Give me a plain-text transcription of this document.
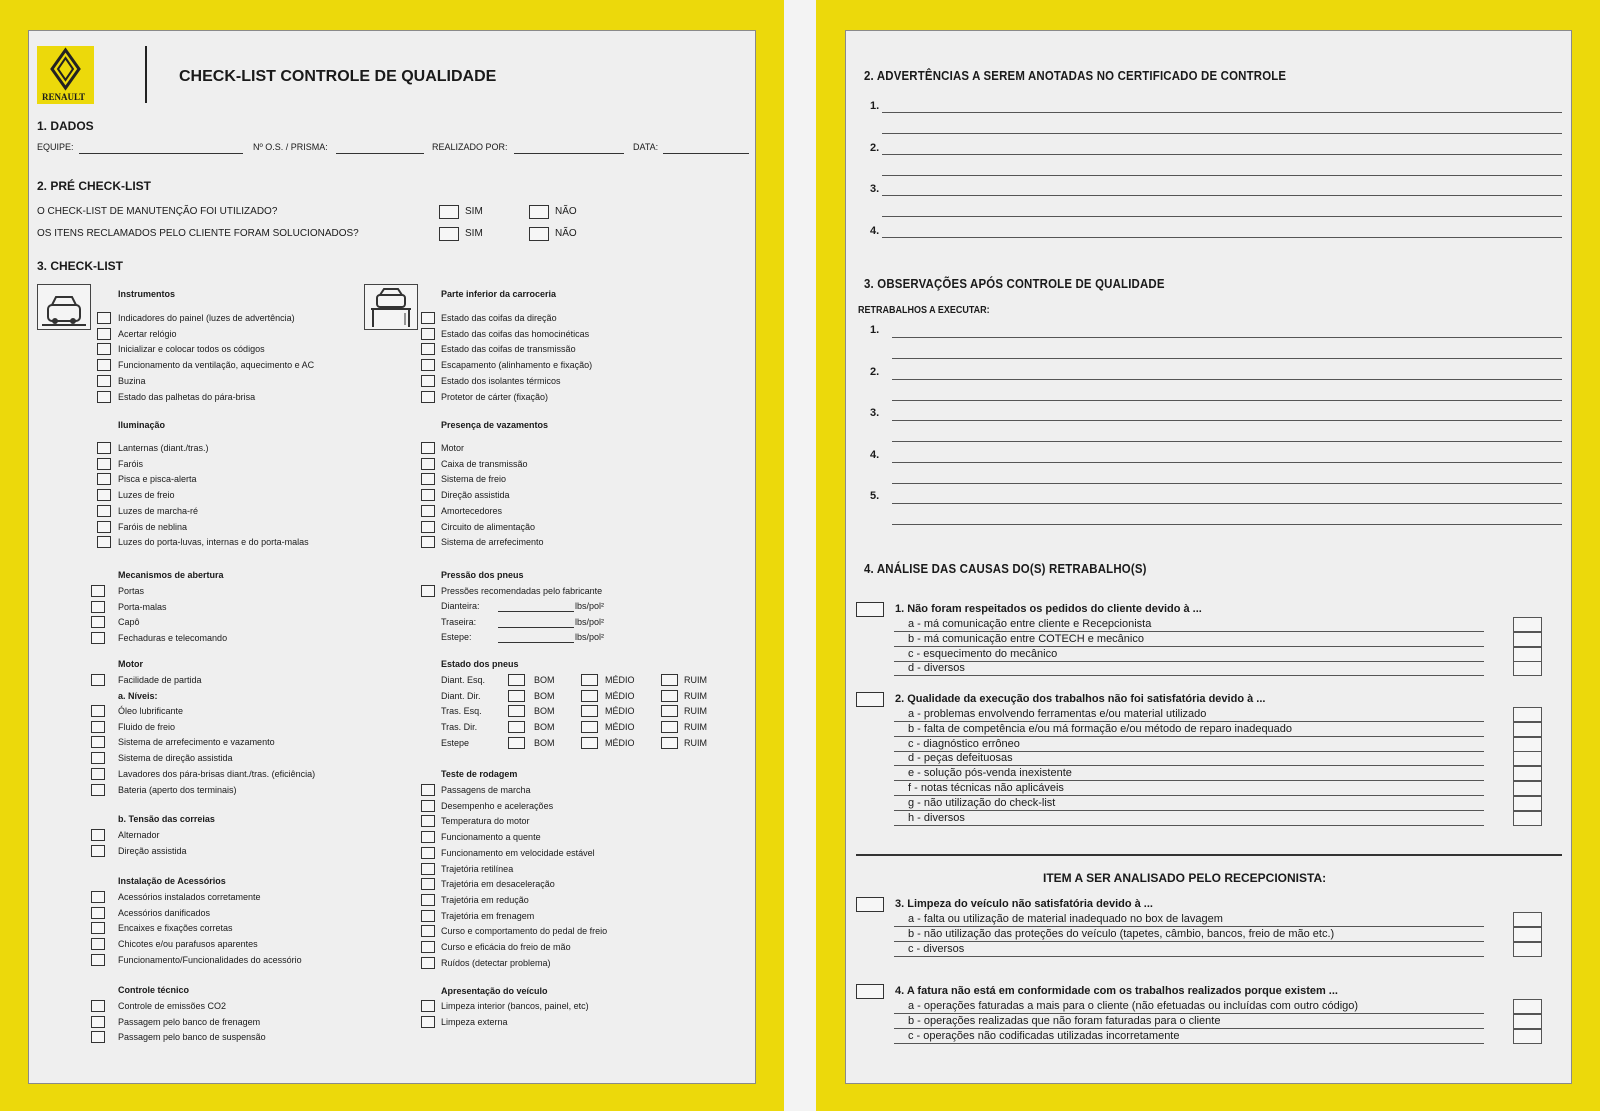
RENAULT
CHECK-LIST CONTROLE DE QUALIDADE
1. DADOS
EQUIPE:	Nº O.S. / PRISMA:	REALIZADO POR:	DATA:
2. PRÉ CHECK-LIST
O CHECK-LIST DE MANUTENÇÃO FOI UTILIZADO?	SIM	NÃO
OS ITENS RECLAMADOS PELO CLIENTE FORAM SOLUCIONADOS?	SIM	NÃO
3. CHECK-LIST
Instrumentos
Indicadores do painel (luzes de advertência)
Acertar relógio
Inicializar e colocar todos os códigos
Funcionamento da ventilação, aquecimento e AC
Buzina
Estado das palhetas do pára-brisa
Iluminação
Lanternas (diant./tras.)
Faróis
Pisca e pisca-alerta
Luzes de freio
Luzes de marcha-ré
Faróis de neblina
Luzes do porta-luvas, internas e do porta-malas
Mecanismos de abertura
Portas
Porta-malas
Capô
Fechaduras e telecomando
Motor
Facilidade de partida
a. Níveis:
Óleo lubrificante
Fluido de freio
Sistema de arrefecimento e vazamento
Sistema de direção assistida
Lavadores dos pára-brisas diant./tras. (eficiência)
Bateria (aperto dos terminais)
b. Tensão das correias
Alternador
Direção assistida
Instalação de Acessórios
Acessórios instalados corretamente
Acessórios danificados
Encaixes e fixações corretas
Chicotes e/ou parafusos aparentes
Funcionamento/Funcionalidades do acessório
Controle técnico
Controle de emissões CO2
Passagem pelo banco de frenagem
Passagem pelo banco de suspensão
Parte inferior da carroceria
Estado das coifas da direção
Estado das coifas das homocinéticas
Estado das coifas de transmissão
Escapamento (alinhamento e fixação)
Estado dos isolantes térmicos
Protetor de cárter (fixação)
Presença de vazamentos
Motor
Caixa de transmissão
Sistema de freio
Direção assistida
Amortecedores
Circuito de alimentação
Sistema de arrefecimento
Pressão dos pneus
Pressões recomendadas pelo fabricante
Teste de rodagem
Passagens de marcha
Desempenho e acelerações
Temperatura do motor
Funcionamento a quente
Funcionamento em velocidade estável
Trajetória retilínea
Trajetória em desaceleração
Trajetória em redução
Trajetória em frenagem
Curso e comportamento do pedal de freio
Curso e eficácia do freio de mão
Ruídos (detectar problema)
Apresentação do veículo
Limpeza interior (bancos, painel, etc)
Limpeza externa
Dianteira:	lbs/pol²
Traseira:	lbs/pol²
Estepe:	lbs/pol²
Estado dos pneus
Diant. Esq.	BOM	MÉDIO	RUIM
Diant. Dir.	BOM	MÉDIO	RUIM
Tras. Esq.	BOM	MÉDIO	RUIM
Tras. Dir.	BOM	MÉDIO	RUIM
Estepe	BOM	MÉDIO	RUIM
2. ADVERTÊNCIAS A SEREM ANOTADAS NO CERTIFICADO DE CONTROLE
1.
2.
3.
4.
3. OBSERVAÇÕES APÓS CONTROLE DE QUALIDADE
RETRABALHOS A EXECUTAR:
1.
2.
3.
4.
5.
4. ANÁLISE DAS CAUSAS DO(S) RETRABALHO(S)
1. Não foram respeitados os pedidos do cliente devido à ...
a - má comunicação entre cliente e Recepcionista
b - má comunicação entre COTECH e mecânico
c - esquecimento do mecânico
d - diversos
2. Qualidade da execução dos trabalhos não foi satisfatória devido à ...
a - problemas envolvendo ferramentas e/ou material utilizado
b - falta de competência e/ou má formação e/ou método de reparo inadequado
c - diagnóstico errôneo
d - peças defeituosas
e - solução pós-venda inexistente
f - notas técnicas não aplicáveis
g - não utilização do check-list
h - diversos
ITEM A SER ANALISADO PELO RECEPCIONISTA:
3. Limpeza do veículo não satisfatória devido à ...
a - falta ou utilização de material inadequado no box de lavagem
b - não utilização das proteções do veículo (tapetes, câmbio, bancos, freio de mão etc.)
c - diversos
4. A fatura não está em conformidade com os trabalhos realizados porque existem ...
a - operações faturadas a mais para o cliente (não efetuadas ou incluídas com outro código)
b - operações realizadas que não foram faturadas para o cliente
c - operações não codificadas utilizadas incorretamente
